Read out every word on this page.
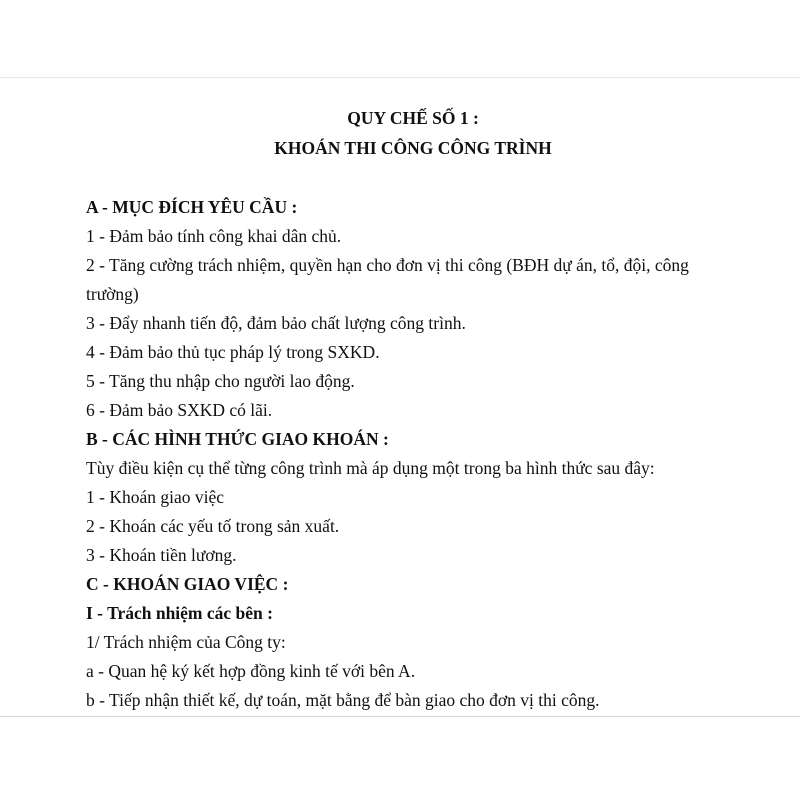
QUY CHẾ SỐ 1 :
KHOÁN THI CÔNG CÔNG TRÌNH
A - MỤC ĐÍCH YÊU CẦU :
1 - Đảm bảo tính công khai dân chủ.
2 - Tăng cường trách nhiệm, quyền hạn cho đơn vị thi công (BĐH dự án, tổ, đội, công
trường)
3 - Đẩy nhanh tiến độ, đảm bảo chất lượng công trình.
4 - Đảm bảo thủ tục pháp lý trong SXKD.
5 - Tăng thu nhập cho người lao động.
6 - Đảm bảo SXKD có lãi.
B - CÁC HÌNH THỨC GIAO KHOÁN :
Tùy điều kiện cụ thể từng công trình mà áp dụng một trong ba hình thức sau đây:
1 - Khoán giao việc
2 - Khoán các yếu tố trong sản xuất.
3 - Khoán tiền lương.
C - KHOÁN GIAO VIỆC :
I - Trách nhiệm các bên :
1/ Trách nhiệm của Công ty:
a - Quan hệ ký kết hợp đồng kinh tế với bên A.
b - Tiếp nhận thiết kế, dự toán, mặt bằng để bàn giao cho đơn vị thi công.
